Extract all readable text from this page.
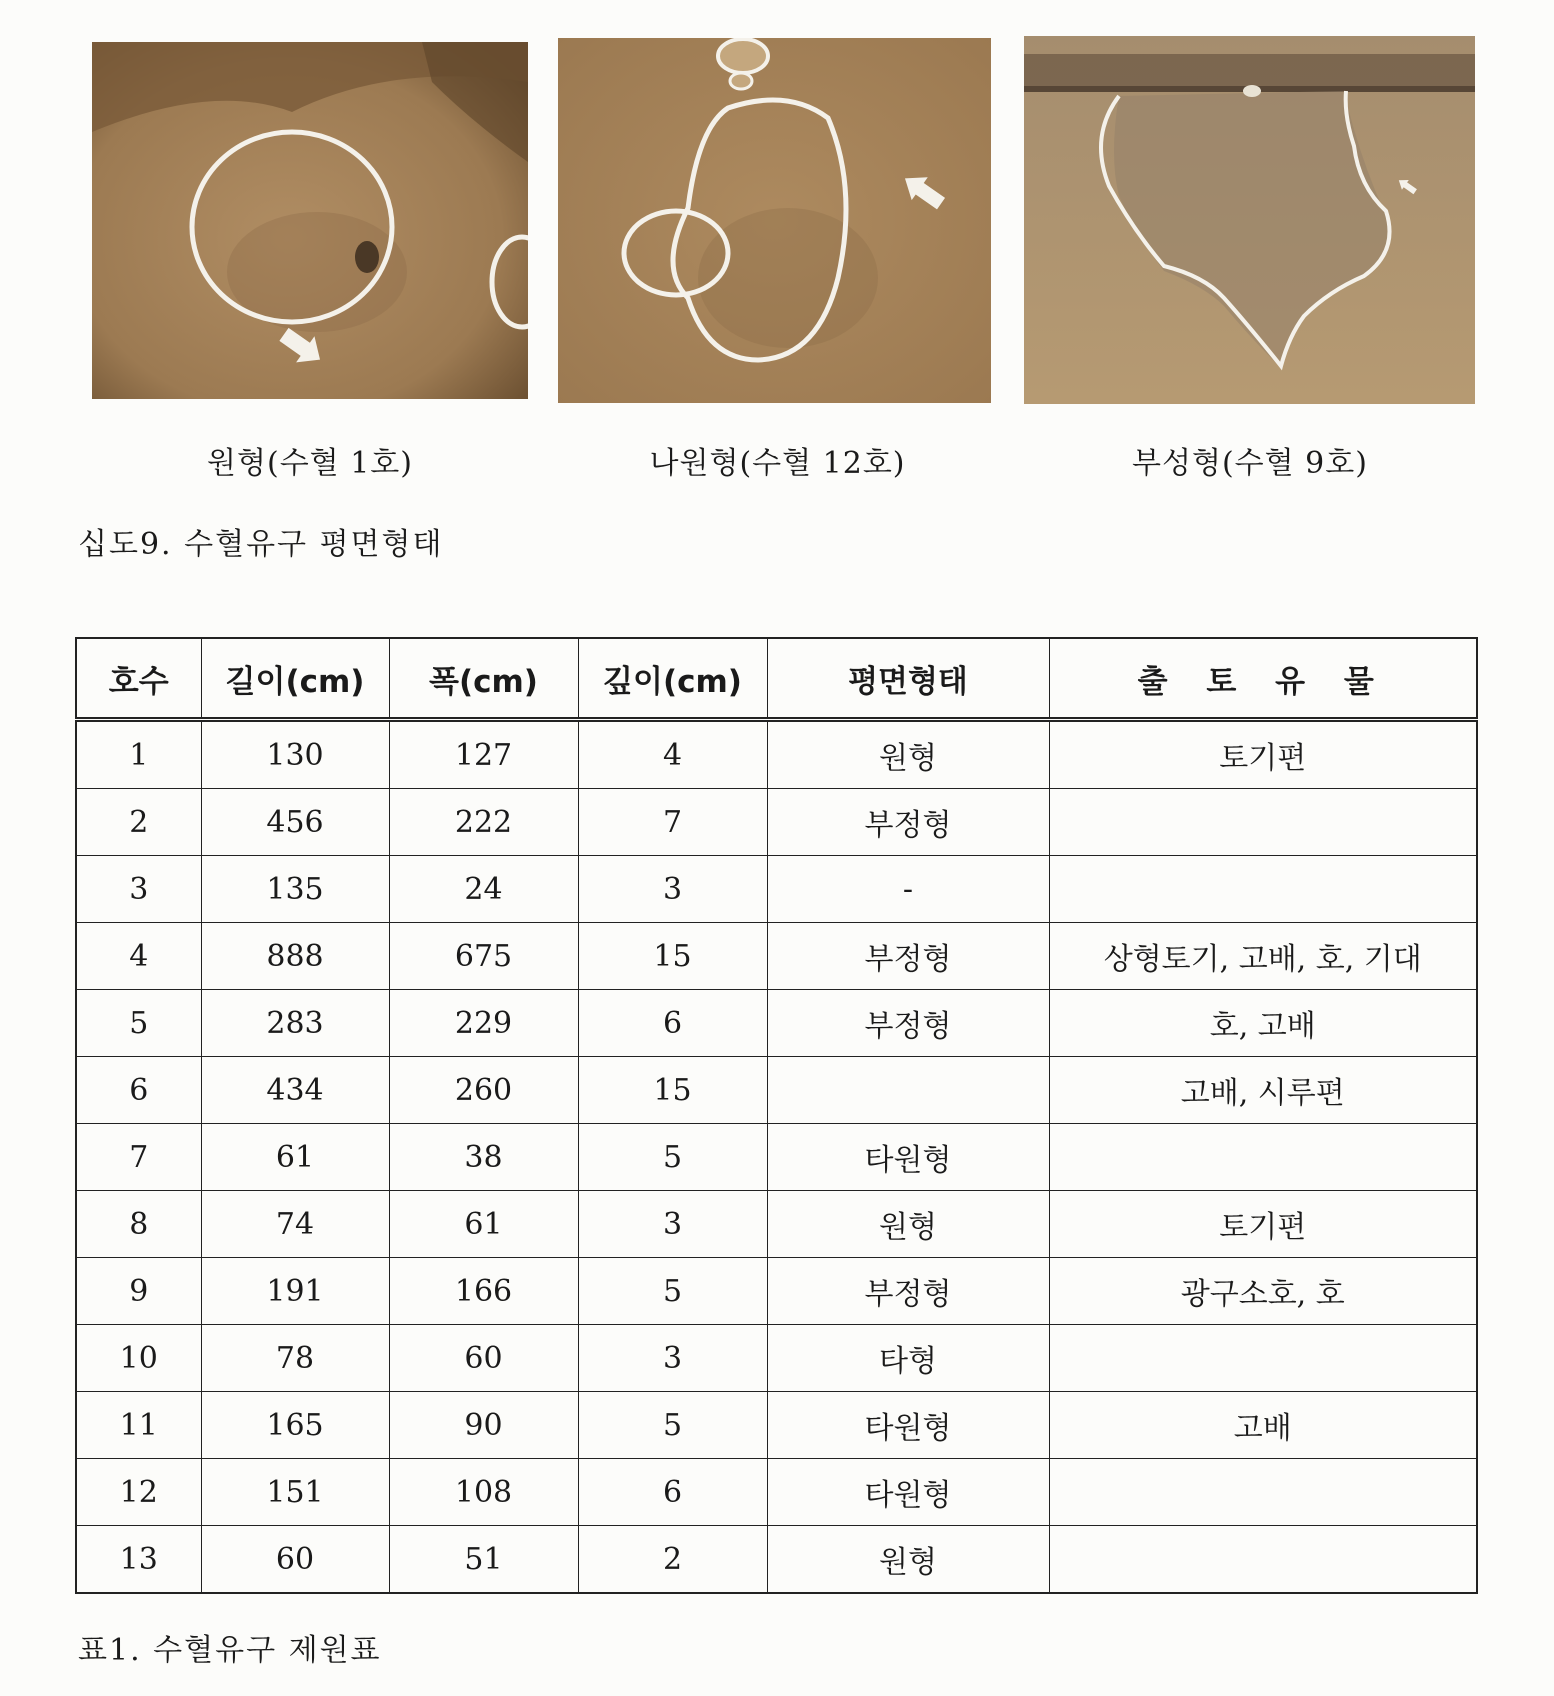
원형(수혈 1호)	나원형(수혈 12호)	부성형(수혈 9호)
십도9. 수혈유구 평면형태
호수	길이(cm)	폭(cm)	깊이(cm)	평면형태	출 토 유 물
1	130	127	4	원형	토기편
2	456	222	7	부정형	
3	135	24	3	-	
4	888	675	15	부정형	상형토기, 고배, 호, 기대
5	283	229	6	부정형	호, 고배
6	434	260	15		고배, 시루편
7	61	38	5	타원형	
8	74	61	3	원형	토기편
9	191	166	5	부정형	광구소호, 호
10	78	60	3	타형	
11	165	90	5	타원형	고배
12	151	108	6	타원형	
13	60	51	2	원형	
표1. 수혈유구 제원표
